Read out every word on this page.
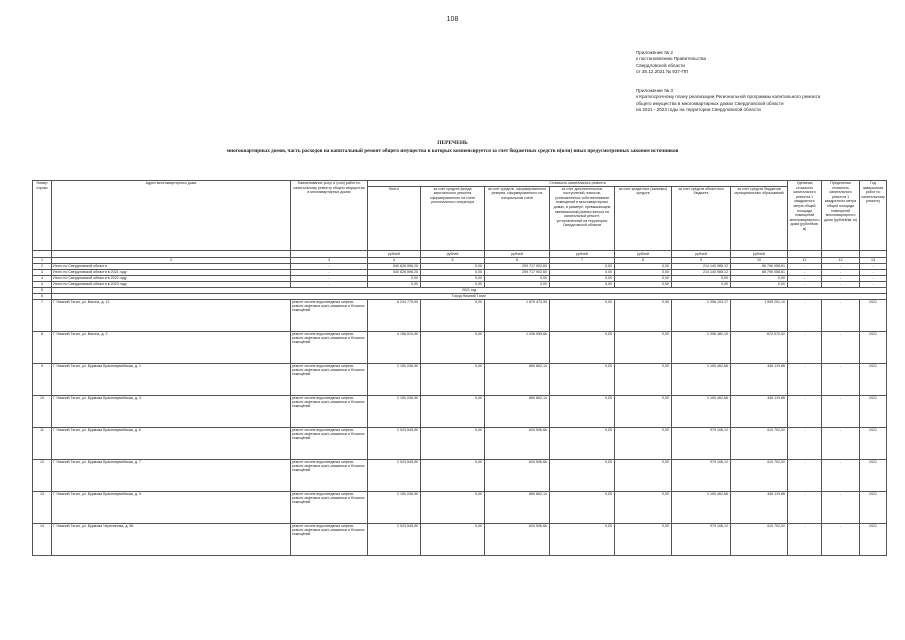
108
Приложение № 2
к постановлению Правительства
Свердловской области
от 28.12.2021 № 937-ПП
Приложение № 3
к Краткосрочному плану реализации Региональной программы капитального ремонта
общего имущества в многоквартирных домах Свердловской области
на 2021 - 2023 годы на территории Свердловской области
ПЕРЕЧЕНЬ
многоквартирных домов, часть расходов на капитальный ремонт общего имущества в которых компенсируется за счет бюджетных средств и(или) иных предусмотренных законом источников
Номер строки	Адрес многоквартирного дома	Наименование услуг и (или) работ по капитальному ремонту общего имущества в многоквартирных домах	Стоимость капитального ремонта							Удельная стоимость капитального ремонта 1 квадратного метра общей площади помещений многоквартирного дома (рублей/кв. м)	Предельная стоимость капитального ремонта 1 квадратного метра общей площади помещений многоквартирного дома (рублей/кв. м)	Год завершения работ по капитальному ремонту
			Всего	за счет средств фонда капитального ремонта сформированного на счете регионального оператора	за счет средств, сформированного резерва, сформированного на специальном счете	за счет дополнительных поступлений, взносов, установленных собственниками помещений в многоквартирных домах, в размере, превышающем минимальный размер взноса на капитальный ремонт, установленный на территории Свердловской области	за счет кредитных (заемных) средств	за счет средств областного бюджета	за счет средств бюджетов муниципальных образований			
			рублей	рублей	рублей	рублей	рублей	рублей	рублей			
1	2	3	4	5	6	7	8	9	10	11	12	13
2	Итого по Свердловской области	-	540 626 596,20	0,00	259 717 902,60	0,00	0,00	214 140 985,12	66 796 058,61	-	-	-
3	Итого по Свердловской области в 2021 году	-	540 626 596,20	0,00	259 717 902,60	0,00	0,00	214 140 985,12	66 796 058,61	-	-	-
4	Итого по Свердловской области в 2022 году	-	0,00	0,00	0,00	0,00	0,00	0,00	0,00	-	-	-
4	Итого по Свердловской области в 2023 году	-	0,00	0,00	0,00	0,00	0,00	0,00	0,00	-	-	-
5	2021 год											
6	Город Нижний Тагил											
7	Г. Нижний Тагил, ул. Вагона, д. 12	ремонт систем водоотведения лифтов, ремонт лифтовых шахт, машинных и блочных помещений	6 234 775,90	0,00	1 879 473,99	0,00	0,00	2 356 103,17	1 999 201,10	-	-	2021
8	Г. Нижний Тагил, ул. Вагона, д. 2	ремонт систем водоотведения лифтов, ремонт лифтовых шахт, машинных и блочных помещений	4 156 510,90	0,00	1 336 955,66	0,00	0,00	2 306 482,10	872 070,52	-	-	2021
9	Г. Нижний Тагил, ул. Бурмова Красноармейская, д. 1	ремонт систем водоотведения лифтов, ремонт лифтовых шахт, машинных и блочных помещений	2 150 036,90	0,00	660 862,10	0,00	0,00	1 150 462,66	445 119,66	-	-	2021
10	Г. Нижний Тагил, ул. Бурмова Красноармейская, д. 3	ремонт систем водоотведения лифтов, ремонт лифтовых шахт, машинных и блочных помещений	2 150 036,90	0,00	660 862,10	0,00	0,00	1 150 462,66	445 119,66	-	-	2021
11	Г. Нижний Тагил, ул. Бурмова Красноармейская, д. 6	ремонт систем водоотведения лифтов, ремонт лифтовых шахт, машинных и блочных помещений	2 023 545,90	0,00	620 596,66	0,00	0,00	979 106,12	410 702,52	-	-	2021
12	Г. Нижний Тагил, ул. Бурмова Красноармейская, д. 7	ремонт систем водоотведения лифтов, ремонт лифтовых шахт, машинных и блочных помещений	2 023 545,90	0,00	620 596,66	0,00	0,00	979 106,12	410 702,52	-	-	2021
13	Г. Нижний Тагил, ул. Бурмова Красноармейская, д. 9	ремонт систем водоотведения лифтов, ремонт лифтовых шахт, машинных и блочных помещений	2 150 036,90	0,00	660 862,10	0,00	0,00	1 150 462,66	445 119,66	-	-	2021
14	Г. Нижний Тагил, ул. Бурмова Черепанова, д. 56	ремонт систем водоотведения лифтов, ремонт лифтовых шахт, машинных и блочных помещений	2 023 545,90	0,00	620 596,66	0,00	0,00	979 106,12	410 702,52	-	-	2021
